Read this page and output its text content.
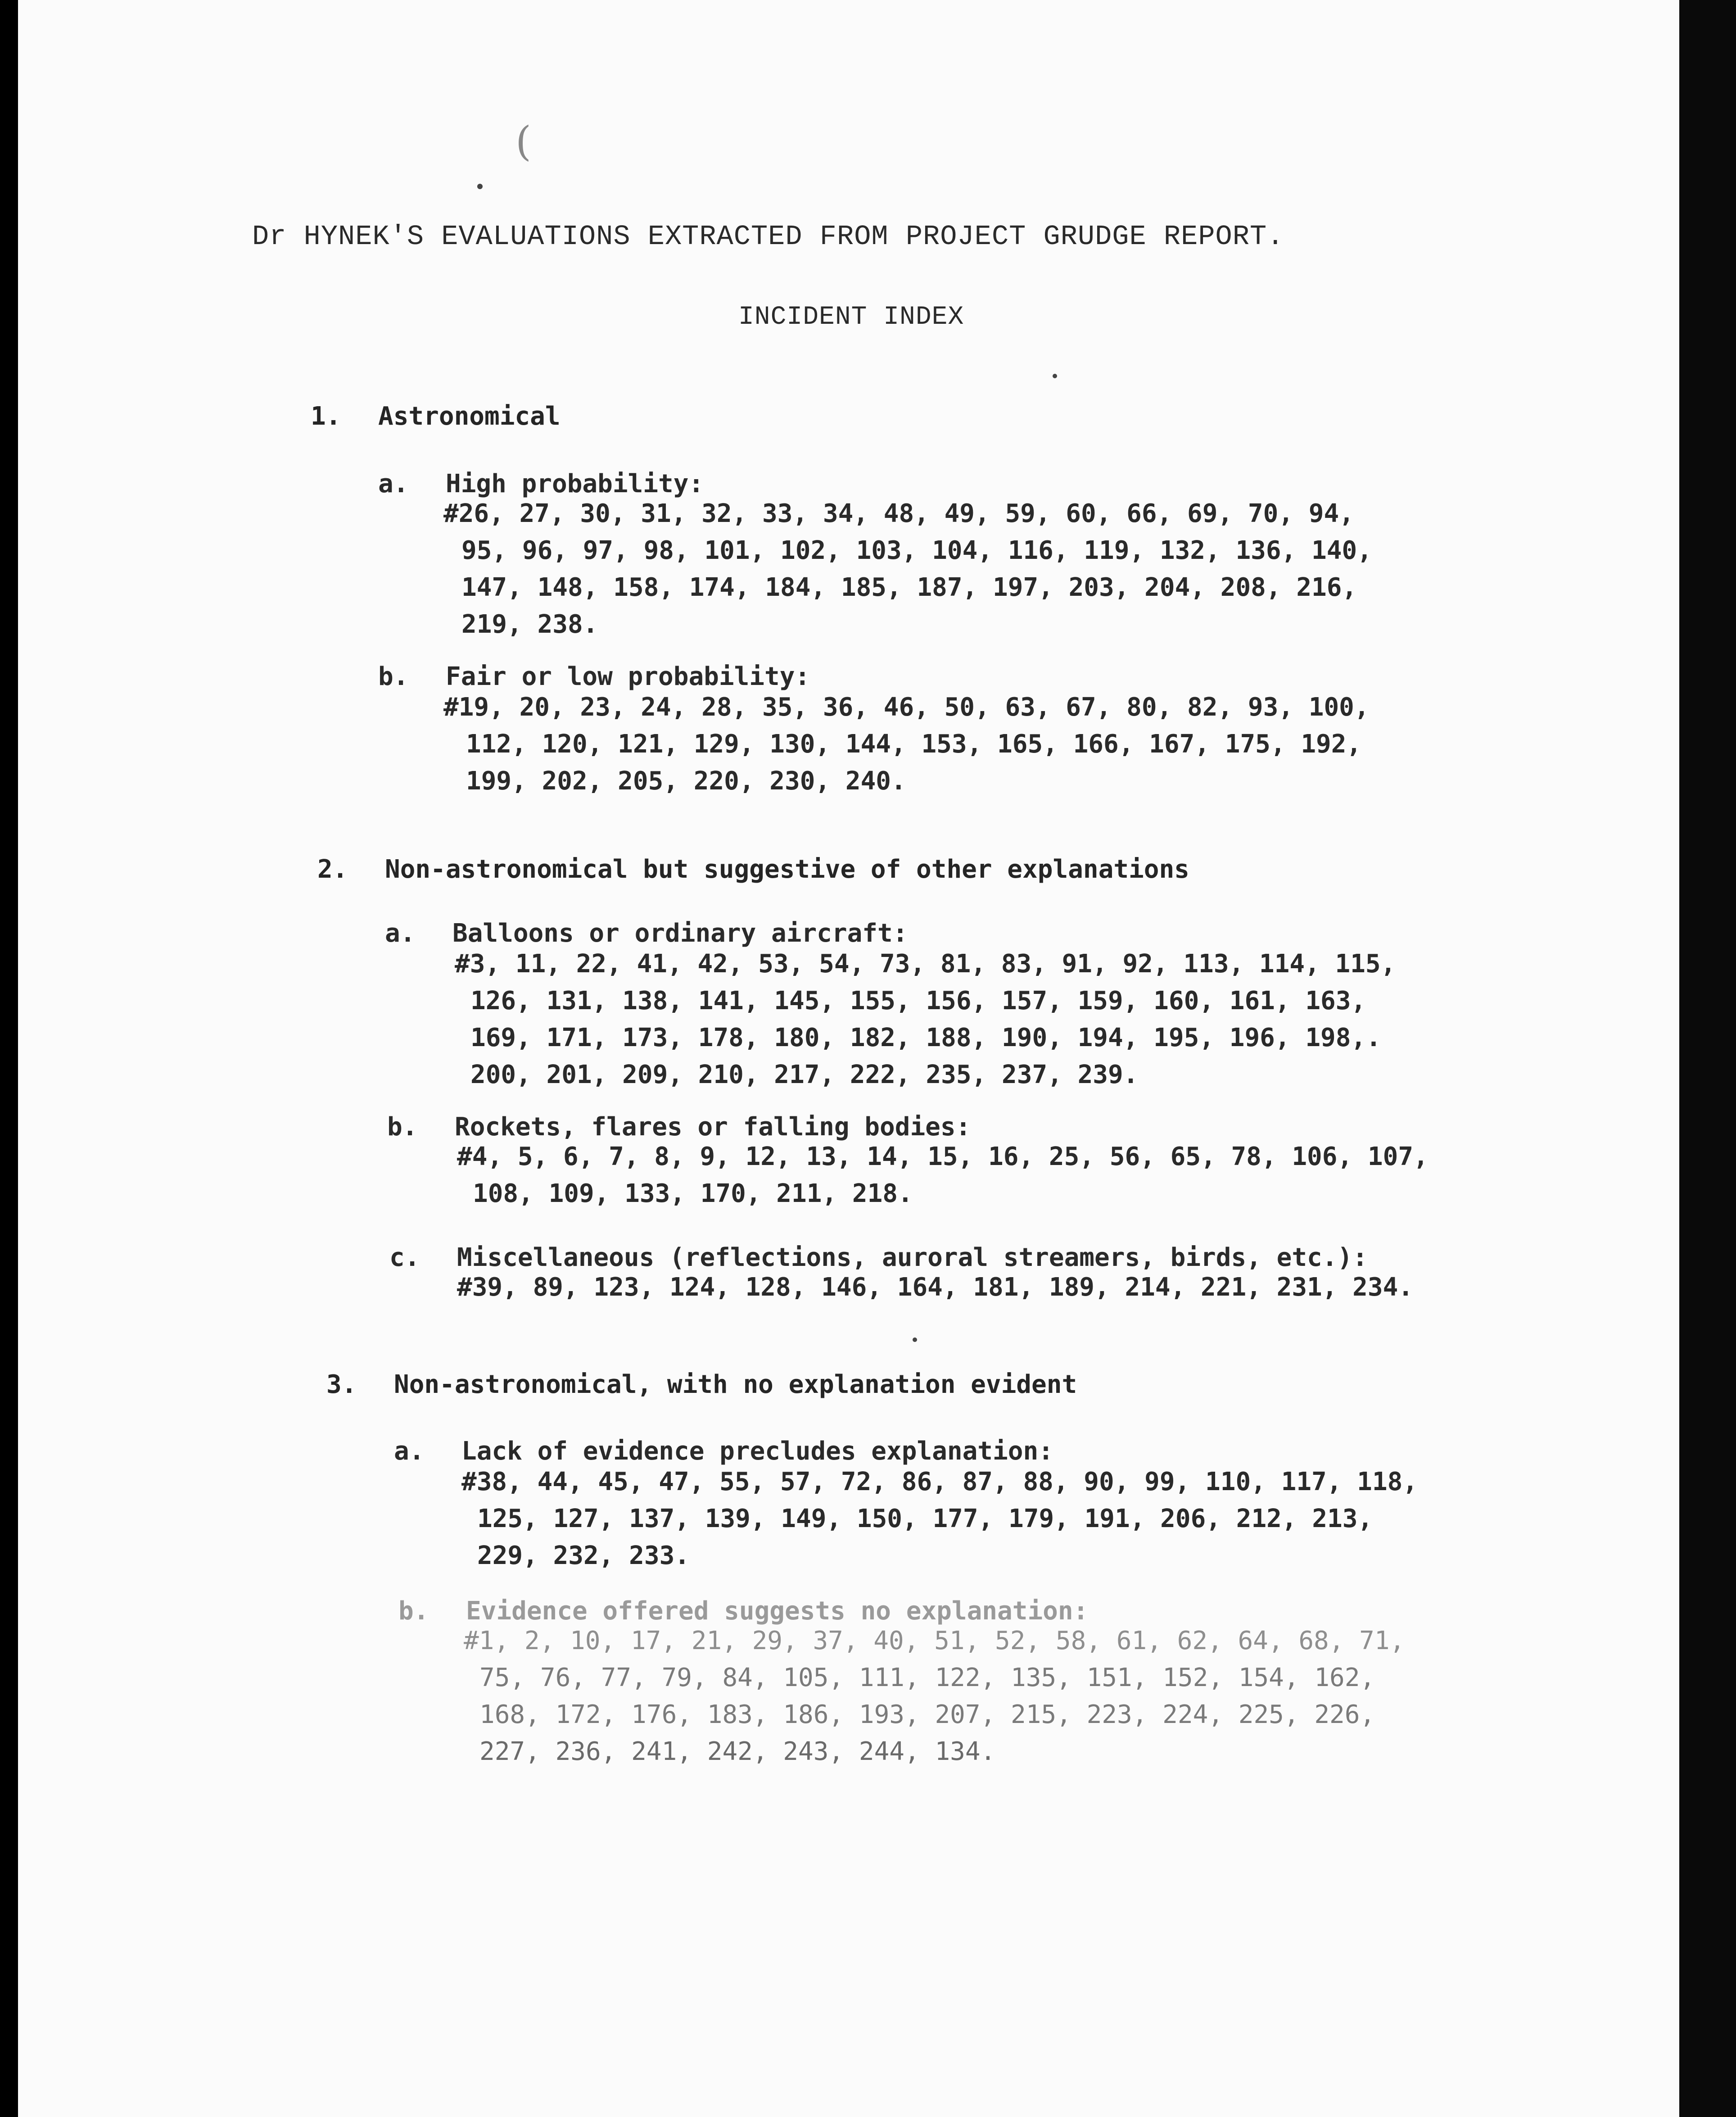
(
Dr HYNEK'S EVALUATIONS EXTRACTED FROM PROJECT GRUDGE REPORT.
INCIDENT INDEX
1. Astronomical
a. High probability:
#26, 27, 30, 31, 32, 33, 34, 48, 49, 59, 60, 66, 69, 70, 94,
95, 96, 97, 98, 101, 102, 103, 104, 116, 119, 132, 136, 140,
147, 148, 158, 174, 184, 185, 187, 197, 203, 204, 208, 216,
219, 238.
b. Fair or low probability:
#19, 20, 23, 24, 28, 35, 36, 46, 50, 63, 67, 80, 82, 93, 100,
112, 120, 121, 129, 130, 144, 153, 165, 166, 167, 175, 192,
199, 202, 205, 220, 230, 240.
2. Non-astronomical but suggestive of other explanations
a. Balloons or ordinary aircraft:
#3, 11, 22, 41, 42, 53, 54, 73, 81, 83, 91, 92, 113, 114, 115,
126, 131, 138, 141, 145, 155, 156, 157, 159, 160, 161, 163,
169, 171, 173, 178, 180, 182, 188, 190, 194, 195, 196, 198,.
200, 201, 209, 210, 217, 222, 235, 237, 239.
b. Rockets, flares or falling bodies:
#4, 5, 6, 7, 8, 9, 12, 13, 14, 15, 16, 25, 56, 65, 78, 106, 107,
108, 109, 133, 170, 211, 218.
c. Miscellaneous (reflections, auroral streamers, birds, etc.):
#39, 89, 123, 124, 128, 146, 164, 181, 189, 214, 221, 231, 234.
3. Non-astronomical, with no explanation evident
a. Lack of evidence precludes explanation:
#38, 44, 45, 47, 55, 57, 72, 86, 87, 88, 90, 99, 110, 117, 118,
125, 127, 137, 139, 149, 150, 177, 179, 191, 206, 212, 213,
229, 232, 233.
b. Evidence offered suggests no explanation:
#1, 2, 10, 17, 21, 29, 37, 40, 51, 52, 58, 61, 62, 64, 68, 71,
75, 76, 77, 79, 84, 105, 111, 122, 135, 151, 152, 154, 162,
168, 172, 176, 183, 186, 193, 207, 215, 223, 224, 225, 226,
227, 236, 241, 242, 243, 244, 134.
